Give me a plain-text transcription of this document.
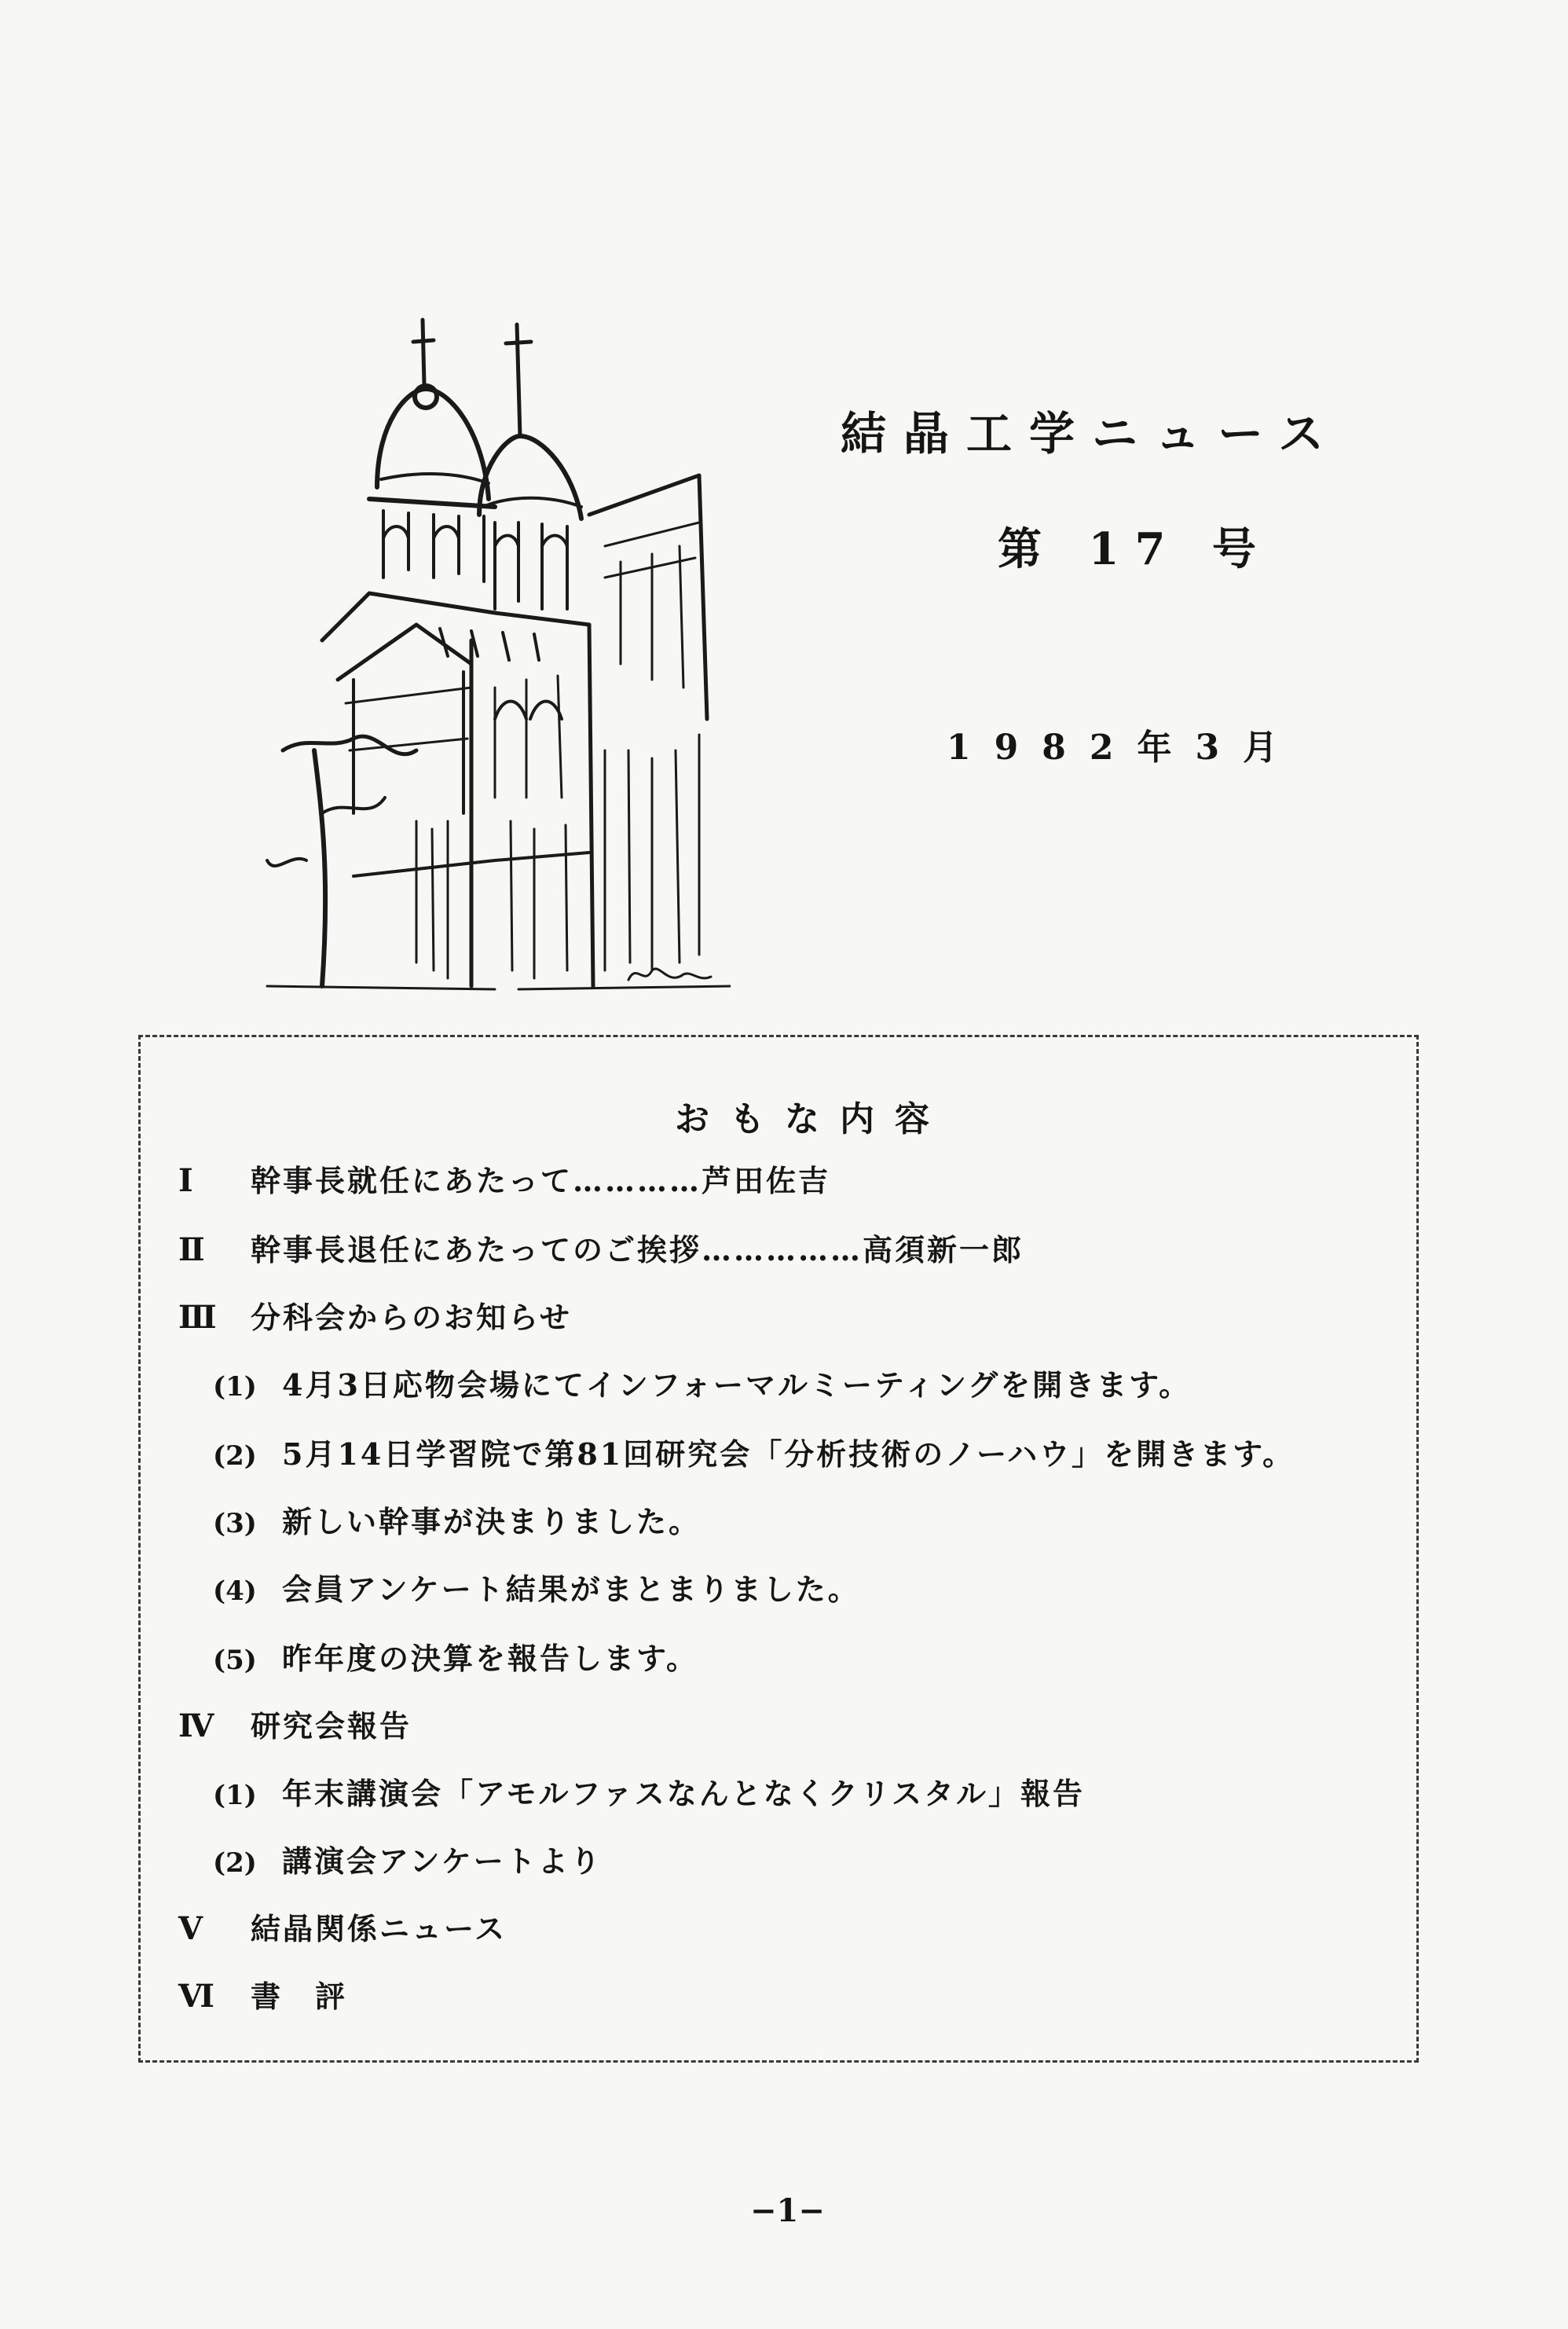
結晶工学ニュース
第 17 号
1982年3月
おもな内容
Ⅰ 幹事長就任にあたって…………芦田佐吉
Ⅱ 幹事長退任にあたってのご挨拶……………高須新一郎
Ⅲ 分科会からのお知らせ
(1) 4月3日応物会場にてインフォーマルミーティングを開きます。
(2) 5月14日学習院で第81回研究会「分析技術のノーハウ」を開きます。
(3) 新しい幹事が決まりました。
(4) 会員アンケート結果がまとまりました。
(5) 昨年度の決算を報告します。
Ⅳ 研究会報告
(1) 年末講演会「アモルファスなんとなくクリスタル」報告
(2) 講演会アンケートより
Ⅴ 結晶関係ニュース
Ⅵ 書　評
−1−
